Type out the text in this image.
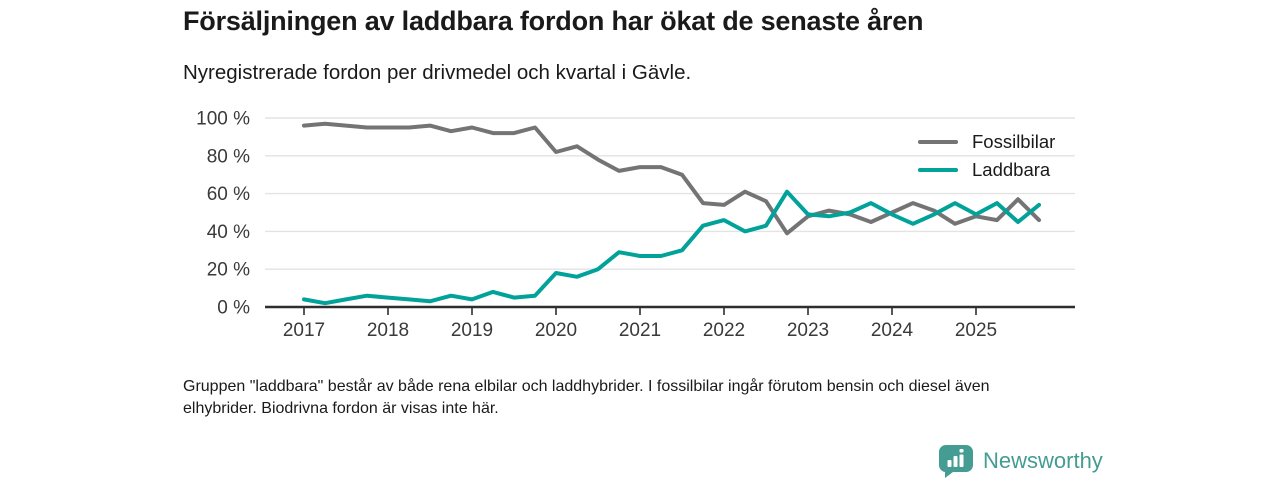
Försäljningen av laddbara fordon har ökat de senaste åren
Nyregistrerade fordon per drivmedel och kvartal i Gävle.
100 %
80 %
60 %
40 %
20 %
0 %
2017 2018 2019 2020 2021 2022 2023 2024 2025
Fossilbilar
Laddbara
Gruppen "laddbara" består av både rena elbilar och laddhybrider. I fossilbilar ingår förutom bensin och diesel även elhybrider. Biodrivna fordon är visas inte här.
Newsworthy
